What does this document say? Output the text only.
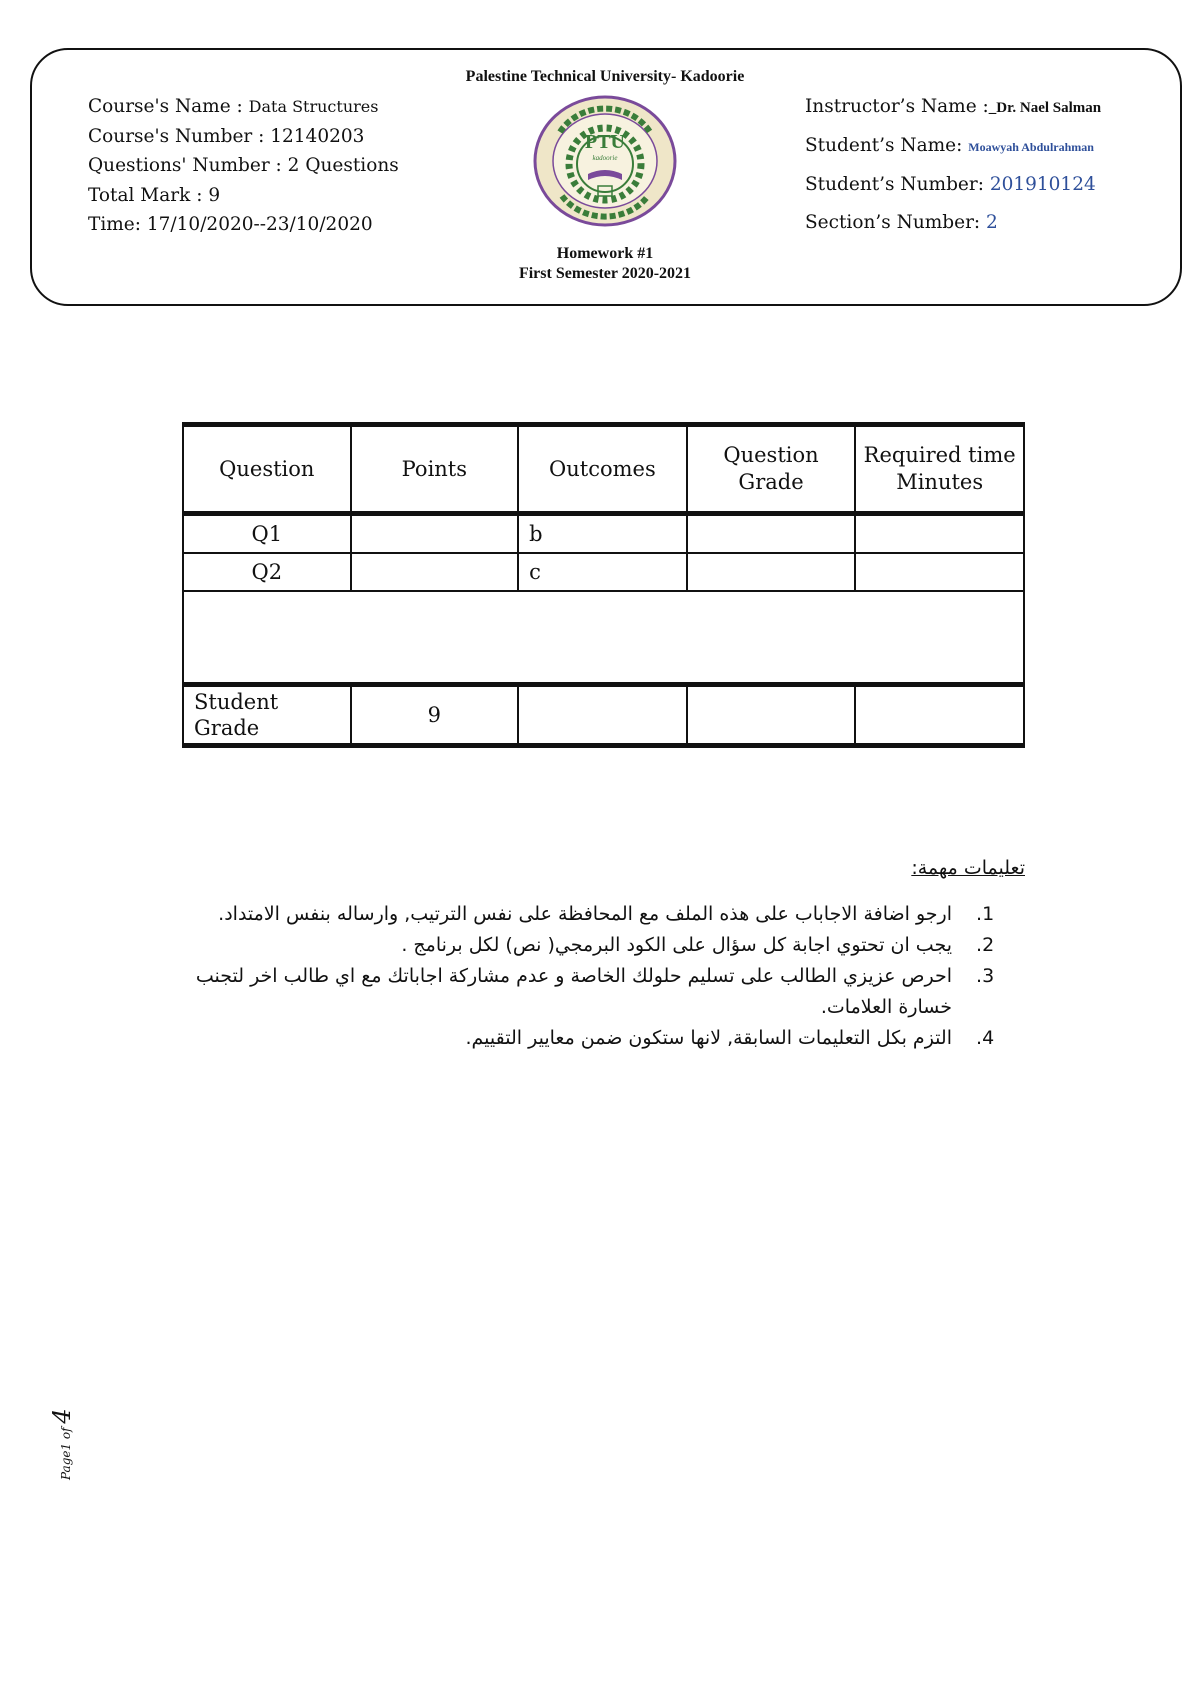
Course's Name : Data Structures
Course's Number : 12140203
Questions' Number : 2 Questions
Total Mark : 9
Time: 17/10/2020--23/10/2020
Palestine Technical University- Kadoorie
PTU
kadoorie
Homework #1
First Semester 2020-2021
Instructor’s Name :_Dr. Nael Salman
Student’s Name: Moawyah Abdulrahman
Student’s Number: 201910124
Section’s Number: 2
Question	Points	Outcomes	Question Grade	Required time Minutes
Q1		b		
Q2		c		

Student Grade	9			
تعليمات مهمة:
1. ارجو اضافة الاجاباب على هذه الملف مع المحافظة على نفس الترتيب, وارساله بنفس الامتداد.
2. يجب ان تحتوي اجابة كل سؤال على الكود البرمجي( نص) لكل برنامج .
3. احرص عزيزي الطالب على تسليم حلولك الخاصة و عدم مشاركة اجاباتك مع اي طالب اخر لتجنب خسارة العلامات.
4. التزم بكل التعليمات السابقة, لانها ستكون ضمن معايير التقييم.
Page1 of 4
